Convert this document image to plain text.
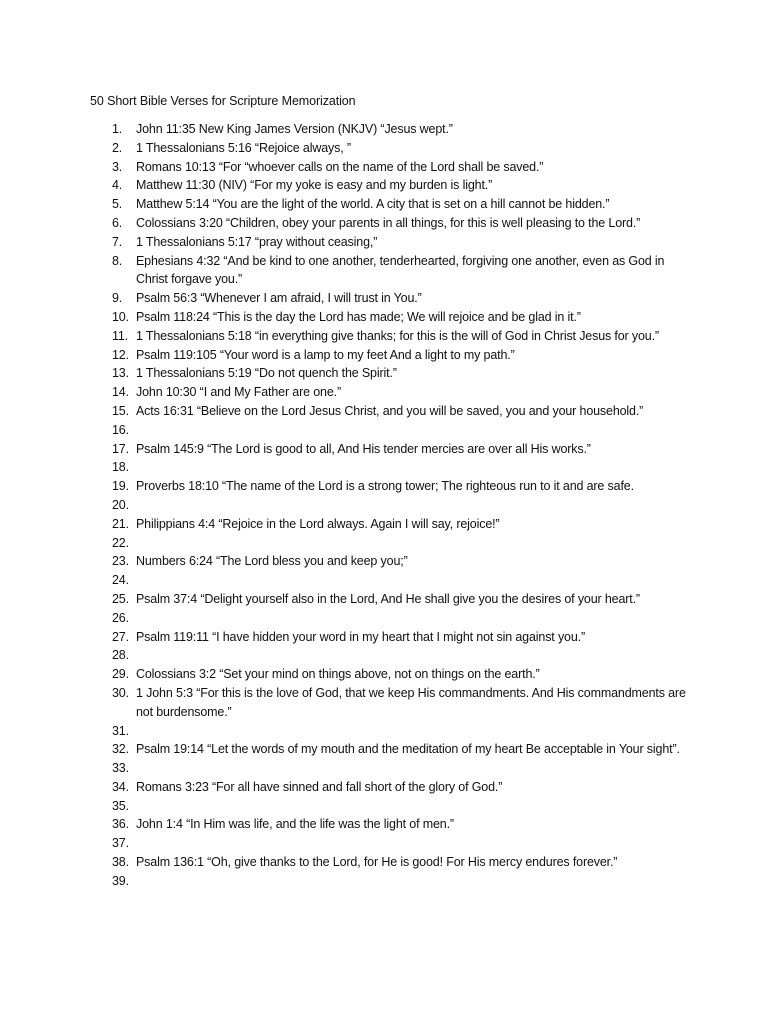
50 Short Bible Verses for Scripture Memorization
1. John 11:35 New King James Version (NKJV) “Jesus wept.”
2. 1 Thessalonians 5:16 “Rejoice always, ”
3. Romans 10:13 “For “whoever calls on the name of the Lord shall be saved.”
4. Matthew 11:30 (NIV) “For my yoke is easy and my burden is light.”
5. Matthew 5:14 “You are the light of the world. A city that is set on a hill cannot be hidden.”
6. Colossians 3:20 “Children, obey your parents in all things, for this is well pleasing to the Lord.”
7. 1 Thessalonians 5:17 “pray without ceasing,”
8. Ephesians 4:32 “And be kind to one another, tenderhearted, forgiving one another, even as God in Christ forgave you.”
9. Psalm 56:3 “Whenever I am afraid, I will trust in You.”
10. Psalm 118:24 “This is the day the Lord has made; We will rejoice and be glad in it.”
11. 1 Thessalonians 5:18 “in everything give thanks; for this is the will of God in Christ Jesus for you.”
12. Psalm 119:105 “Your word is a lamp to my feet And a light to my path.”
13. 1 Thessalonians 5:19 “Do not quench the Spirit.”
14. John 10:30 “I and My Father are one.”
15. Acts 16:31 “Believe on the Lord Jesus Christ, and you will be saved, you and your household.”
16.

17. Psalm 145:9 “The Lord is good to all, And His tender mercies are over all His works.”
18.

19. Proverbs 18:10 “The name of the Lord is a strong tower; The righteous run to it and are safe.
20.

21. Philippians 4:4 “Rejoice in the Lord always. Again I will say, rejoice!”
22.

23. Numbers 6:24 “The Lord bless you and keep you;”
24.

25. Psalm 37:4 “Delight yourself also in the Lord, And He shall give you the desires of your heart.”
26.

27. Psalm 119:11 “I have hidden your word in my heart that I might not sin against you.”
28.

29. Colossians 3:2 “Set your mind on things above, not on things on the earth.”
30. 1 John 5:3 “For this is the love of God, that we keep His commandments. And His commandments are not burdensome.”
31.

32. Psalm 19:14 “Let the words of my mouth and the meditation of my heart Be acceptable in Your sight”.
33.

34. Romans 3:23 “For all have sinned and fall short of the glory of God.”
35.

36. John 1:4 “In Him was life, and the life was the light of men.”
37.

38. Psalm 136:1 “Oh, give thanks to the Lord, for He is good! For His mercy endures forever.”
39.
